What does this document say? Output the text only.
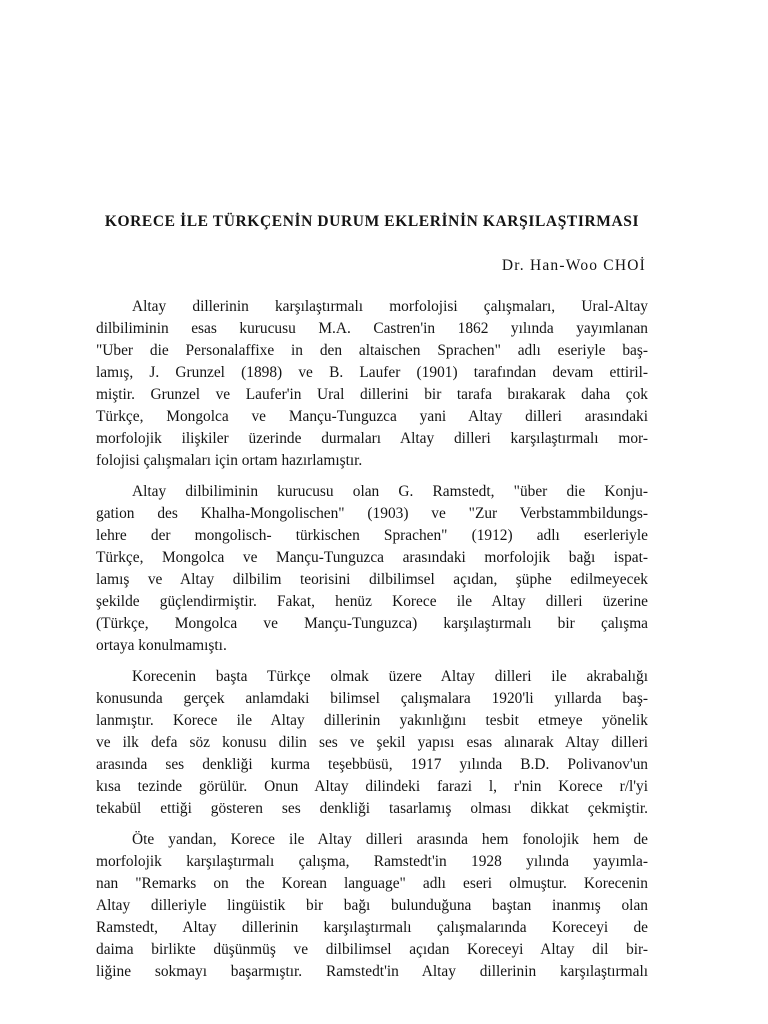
KORECE İLE TÜRKÇENİN DURUM EKLERİNİN KARŞILAŞTIRMASI
Dr. Han-Woo CHOİ
Altay dillerinin karşılaştırmalı morfolojisi çalışmaları, Ural-Altay
dilbiliminin esas kurucusu M.A. Castren'in 1862 yılında yayımlanan
"Uber die Personalaffixe in den altaischen Sprachen" adlı eseriyle baş-
lamış, J. Grunzel (1898) ve B. Laufer (1901) tarafından devam ettiril-
miştir. Grunzel ve Laufer'in Ural dillerini bir tarafa bırakarak daha çok
Türkçe, Mongolca ve Mançu-Tunguzca yani Altay dilleri arasındaki
morfolojik ilişkiler üzerinde durmaları Altay dilleri karşılaştırmalı mor-
folojisi çalışmaları için ortam hazırlamıştır.
Altay dilbiliminin kurucusu olan G. Ramstedt, "über die Konju-
gation des Khalha-Mongolischen" (1903) ve "Zur Verbstammbildungs-
lehre der mongolisch- türkischen Sprachen" (1912) adlı eserleriyle
Türkçe, Mongolca ve Mançu-Tunguzca arasındaki morfolojik bağı ispat-
lamış ve Altay dilbilim teorisini dilbilimsel açıdan, şüphe edilmeyecek
şekilde güçlendirmiştir. Fakat, henüz Korece ile Altay dilleri üzerine
(Türkçe, Mongolca ve Mançu-Tunguzca) karşılaştırmalı bir çalışma
ortaya konulmamıştı.
Korecenin başta Türkçe olmak üzere Altay dilleri ile akrabalığı
konusunda gerçek anlamdaki bilimsel çalışmalara 1920'li yıllarda baş-
lanmıştır. Korece ile Altay dillerinin yakınlığını tesbit etmeye yönelik
ve ilk defa söz konusu dilin ses ve şekil yapısı esas alınarak Altay dilleri
arasında ses denkliği kurma teşebbüsü, 1917 yılında B.D. Polivanov'un
kısa tezinde görülür. Onun Altay dilindeki farazi l, r'nin Korece r/l'yi
tekabül ettiği gösteren ses denkliği tasarlamış olması dikkat çekmiştir.
Öte yandan, Korece ile Altay dilleri arasında hem fonolojik hem de
morfolojik karşılaştırmalı çalışma, Ramstedt'in 1928 yılında yayımla-
nan "Remarks on the Korean language" adlı eseri olmuştur. Korecenin
Altay dilleriyle lingüistik bir bağı bulunduğuna baştan inanmış olan
Ramstedt, Altay dillerinin karşılaştırmalı çalışmalarında Koreceyi de
daima birlikte düşünmüş ve dilbilimsel açıdan Koreceyi Altay dil bir-
liğine sokmayı başarmıştır. Ramstedt'in Altay dillerinin karşılaştırmalı
